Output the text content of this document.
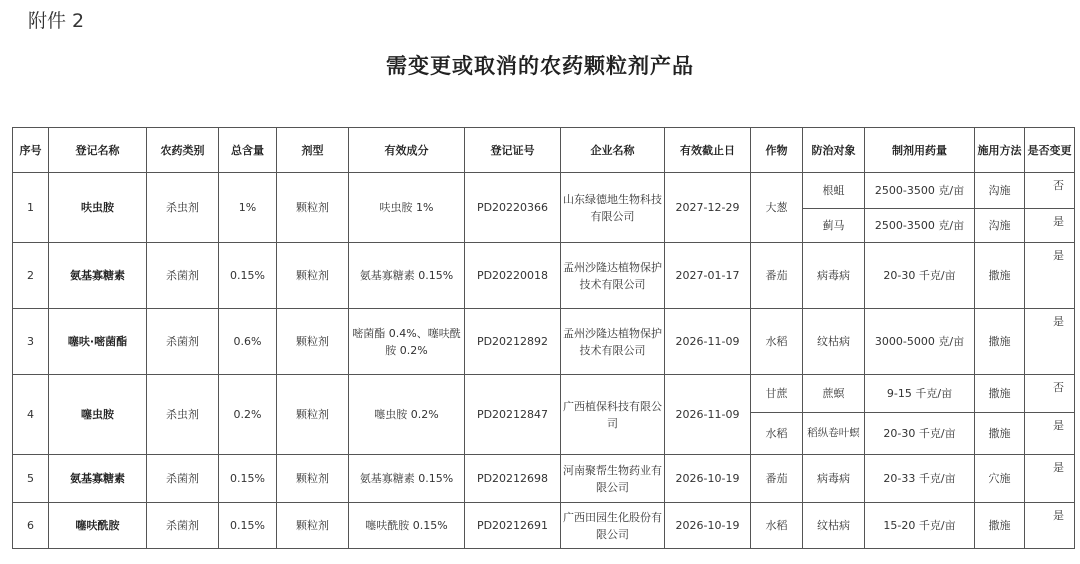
附件 2
需变更或取消的农药颗粒剂产品
序号	登记名称	农药类别	总含量	剂型	有效成分	登记证号	企业名称	有效截止日	作物	防治对象	制剂用药量	施用方法	是否变更
1	呋虫胺	杀虫剂	1%	颗粒剂	呋虫胺 1%	PD20220366	山东绿德地生物科技有限公司	2027-12-29	大葱	根蛆	2500-3500 克/亩	沟施	否
										蓟马	2500-3500 克/亩	沟施	是
2	氨基寡糖素	杀菌剂	0.15%	颗粒剂	氨基寡糖素 0.15%	PD20220018	孟州沙隆达植物保护技术有限公司	2027-01-17	番茄	病毒病	20-30 千克/亩	撒施	是
3	噻呋·嘧菌酯	杀菌剂	0.6%	颗粒剂	嘧菌酯 0.4%、噻呋酰胺 0.2%	PD20212892	孟州沙隆达植物保护技术有限公司	2026-11-09	水稻	纹枯病	3000-5000 克/亩	撒施	是
4	噻虫胺	杀虫剂	0.2%	颗粒剂	噻虫胺 0.2%	PD20212847	广西植保科技有限公司	2026-11-09	甘蔗	蔗螟	9-15 千克/亩	撒施	否
									水稻	稻纵卷叶螟	20-30 千克/亩	撒施	是
5	氨基寡糖素	杀菌剂	0.15%	颗粒剂	氨基寡糖素 0.15%	PD20212698	河南聚帮生物药业有限公司	2026-10-19	番茄	病毒病	20-33 千克/亩	穴施	是
6	噻呋酰胺	杀菌剂	0.15%	颗粒剂	噻呋酰胺 0.15%	PD20212691	广西田园生化股份有限公司	2026-10-19	水稻	纹枯病	15-20 千克/亩	撒施	是
